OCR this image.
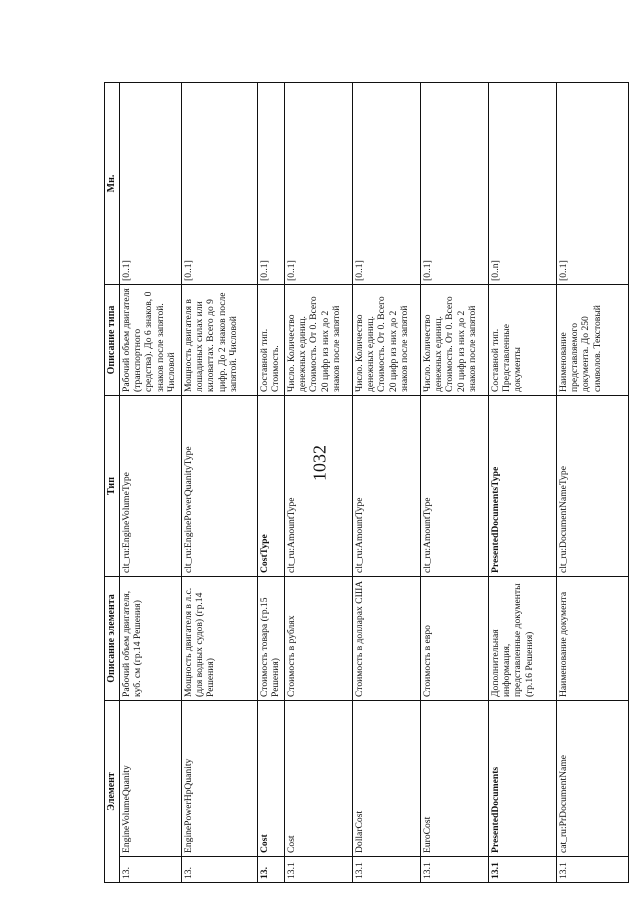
1032
Элемент		Описание элемента	Тип	Описание типа	Мн.
13.	EngineVolumeQuanity	Рабочий объем двигателя, куб. см (гр.14 Решения)	clt_ru:EngineVolumeType	Рабочий объем двигателя (транспортного средства). До 6 знаков, 0 знаков после запятой. Числовой	[0..1]
13.	EnginePowerHpQuanity	Мощность двигателя в л.с. (для водных судов) (гр.14 Решения)	clt_ru:EnginePowerQuanityType	Мощность двигателя в лошадиных силах или киловаттах. Всего до 9 цифр. До 2 знаков после запятой. Числовой	[0..1]
13.	Cost	Стоимость товара (гр.15 Решения)	CostType	Составной тип. Стоимость.	[0..1]
13.1	Cost	Стоимость в рублях	clt_ru:AmountType	Число. Количество денежных единиц. Стоимость. От 0. Всего 20 цифр из них до 2 знаков после запятой	[0..1]
13.1	DollarCost	Стоимость в долларах США	clt_ru:AmountType	Число. Количество денежных единиц. Стоимость. От 0. Всего 20 цифр из них до 2 знаков после запятой	[0..1]
13.1	EuroCost	Стоимость в евро	clt_ru:AmountType	Число. Количество денежных единиц. Стоимость. От 0. Всего 20 цифр из них до 2 знаков после запятой	[0..1]
13.1	PresentedDocuments	Дополнительная информация, представленные документы (гр.16 Решения)	PresentedDocumentsType	Составной тип. Представленные документы	[0..n]
13.1	cat_ru:PrDocumentName	Наименование документа	clt_ru:DocumentNameType	Наименование представляемого документа. До 250 символов. Текстовый	[0..1]
